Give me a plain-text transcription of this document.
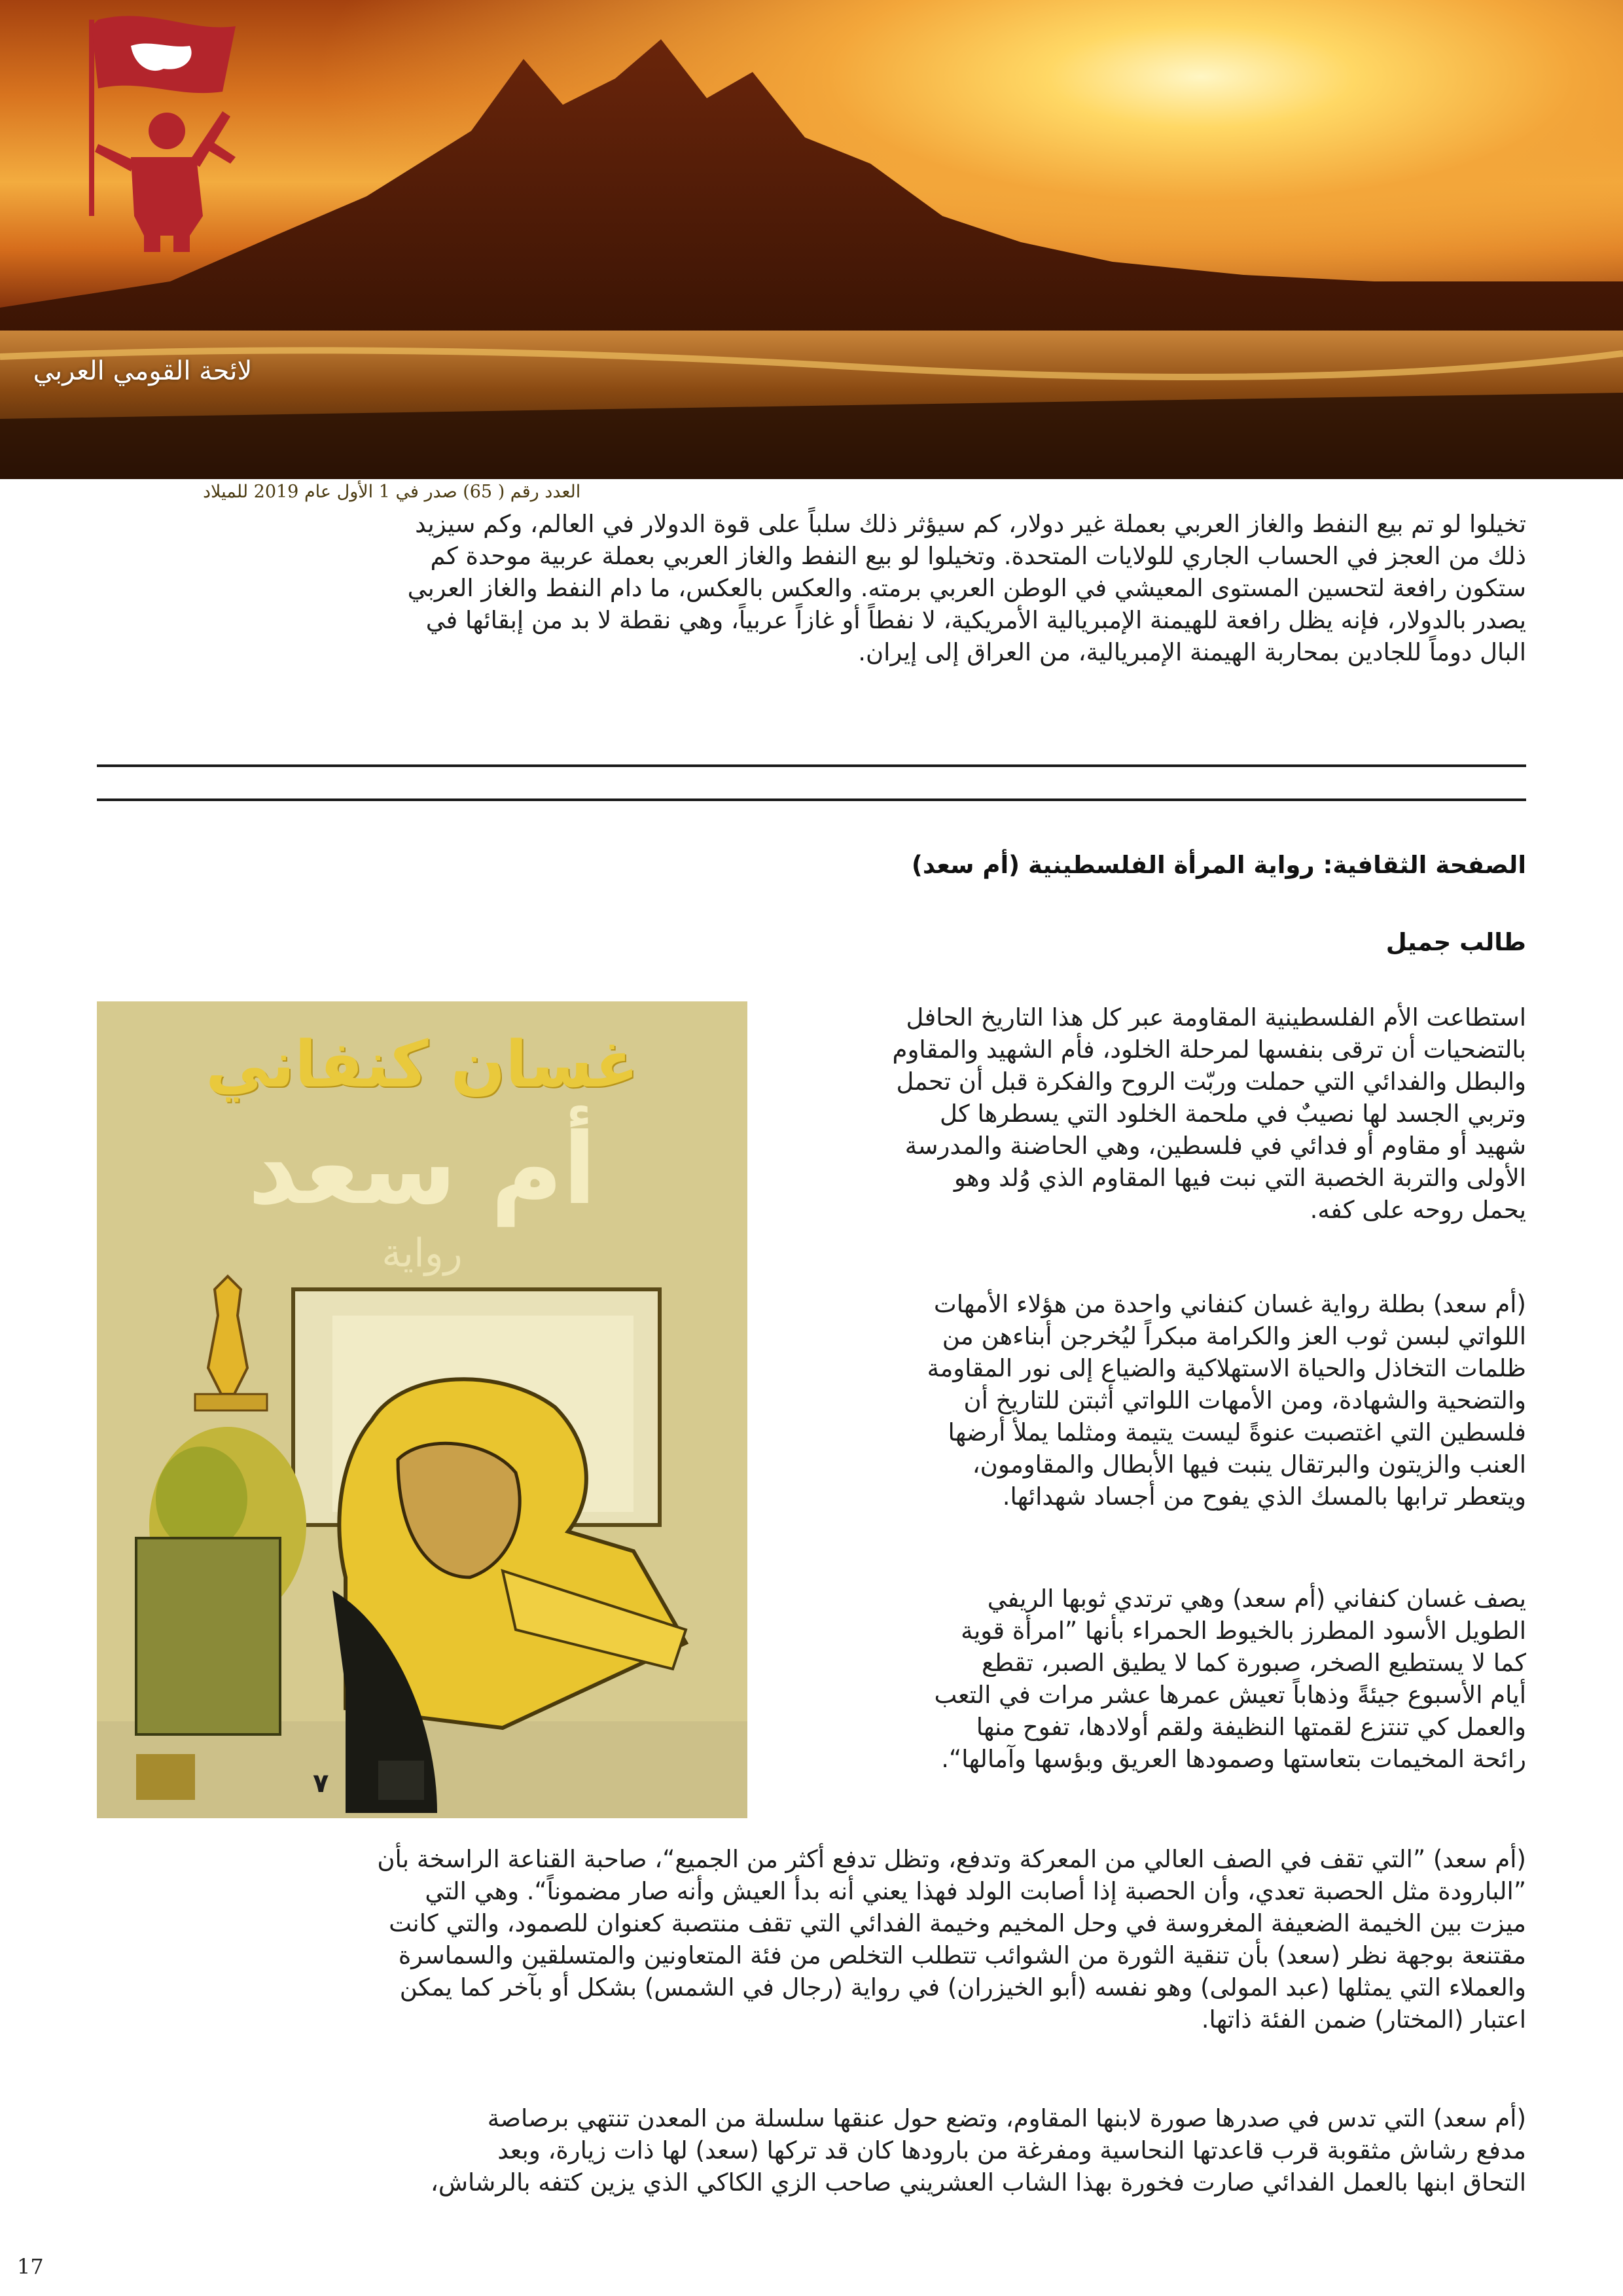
لائحة القومي العربي
العدد رقم ( 65) صدر في 1 الأول عام 2019 للميلاد
تخيلوا لو تم بيع النفط والغاز العربي بعملة غير دولار، كم سيؤثر ذلك سلباً على قوة الدولار في العالم، وكم سيزيد
ذلك من العجز في الحساب الجاري للولايات المتحدة. وتخيلوا لو بيع النفط والغاز العربي بعملة عربية موحدة كم
ستكون رافعة لتحسين المستوى المعيشي في الوطن العربي برمته. والعكس بالعكس، ما دام النفط والغاز العربي
يصدر بالدولار، فإنه يظل رافعة للهيمنة الإمبريالية الأمريكية، لا نفطاً أو غازاً عربياً، وهي نقطة لا بد من إبقائها في
البال دوماً للجادين بمحاربة الهيمنة الإمبريالية، من العراق إلى إيران.
الصفحة الثقافية: رواية المرأة الفلسطينية (أم سعد)
طالب جميل
استطاعت الأم الفلسطينية المقاومة عبر كل هذا التاريخ الحافل
بالتضحيات أن ترقى بنفسها لمرحلة الخلود، فأم الشهيد والمقاوم
والبطل والفدائي التي حملت وربّت الروح والفكرة قبل أن تحمل
وتربي الجسد لها نصيبٌ في ملحمة الخلود التي يسطرها كل
شهيد أو مقاوم أو فدائي في فلسطين، وهي الحاضنة والمدرسة
الأولى والتربة الخصبة التي نبت فيها المقاوم الذي وُلد وهو
يحمل روحه على كفه.
(أم سعد) بطلة رواية غسان كنفاني واحدة من هؤلاء الأمهات
اللواتي لبسن ثوب العز والكرامة مبكراً ليُخرجن أبناءهن من
ظلمات التخاذل والحياة الاستهلاكية والضياع إلى نور المقاومة
والتضحية والشهادة، ومن الأمهات اللواتي أثبتن للتاريخ أن
فلسطين التي اغتصبت عنوةً ليست يتيمة ومثلما يملأ أرضها
العنب والزيتون والبرتقال ينبت فيها الأبطال والمقاومون،
ويتعطر ترابها بالمسك الذي يفوح من أجساد شهدائها.
يصف غسان كنفاني (أم سعد) وهي ترتدي ثوبها الريفي
الطويل الأسود المطرز بالخيوط الحمراء بأنها ”امرأة قوية
كما لا يستطيع الصخر، صبورة كما لا يطيق الصبر، تقطع
أيام الأسبوع جيئةً وذهاباً تعيش عمرها عشر مرات في التعب
والعمل كي تنتزع لقمتها النظيفة ولقم أولادها، تفوح منها
رائحة المخيمات بتعاستها وصمودها العريق وبؤسها وآمالها“.
غسان كنفاني
أم سعد
رواية
٧
(أم سعد) ”التي تقف في الصف العالي من المعركة وتدفع، وتظل تدفع أكثر من الجميع“، صاحبة القناعة الراسخة بأن
”البارودة مثل الحصبة تعدي، وأن الحصبة إذا أصابت الولد فهذا يعني أنه بدأ العيش وأنه صار مضموناً“. وهي التي
ميزت بين الخيمة الضعيفة المغروسة في وحل المخيم وخيمة الفدائي التي تقف منتصبة كعنوان للصمود، والتي كانت
مقتنعة بوجهة نظر (سعد) بأن تنقية الثورة من الشوائب تتطلب التخلص من فئة المتعاونين والمتسلقين والسماسرة
والعملاء التي يمثلها (عبد المولى) وهو نفسه (أبو الخيزران) في رواية (رجال في الشمس) بشكل أو بآخر كما يمكن
اعتبار (المختار) ضمن الفئة ذاتها.
(أم سعد) التي تدس في صدرها صورة لابنها المقاوم، وتضع حول عنقها سلسلة من المعدن تنتهي برصاصة
مدفع رشاش مثقوبة قرب قاعدتها النحاسية ومفرغة من بارودها كان قد تركها (سعد) لها ذات زيارة، وبعد
التحاق ابنها بالعمل الفدائي صارت فخورة بهذا الشاب العشريني صاحب الزي الكاكي الذي يزين كتفه بالرشاش،
17
